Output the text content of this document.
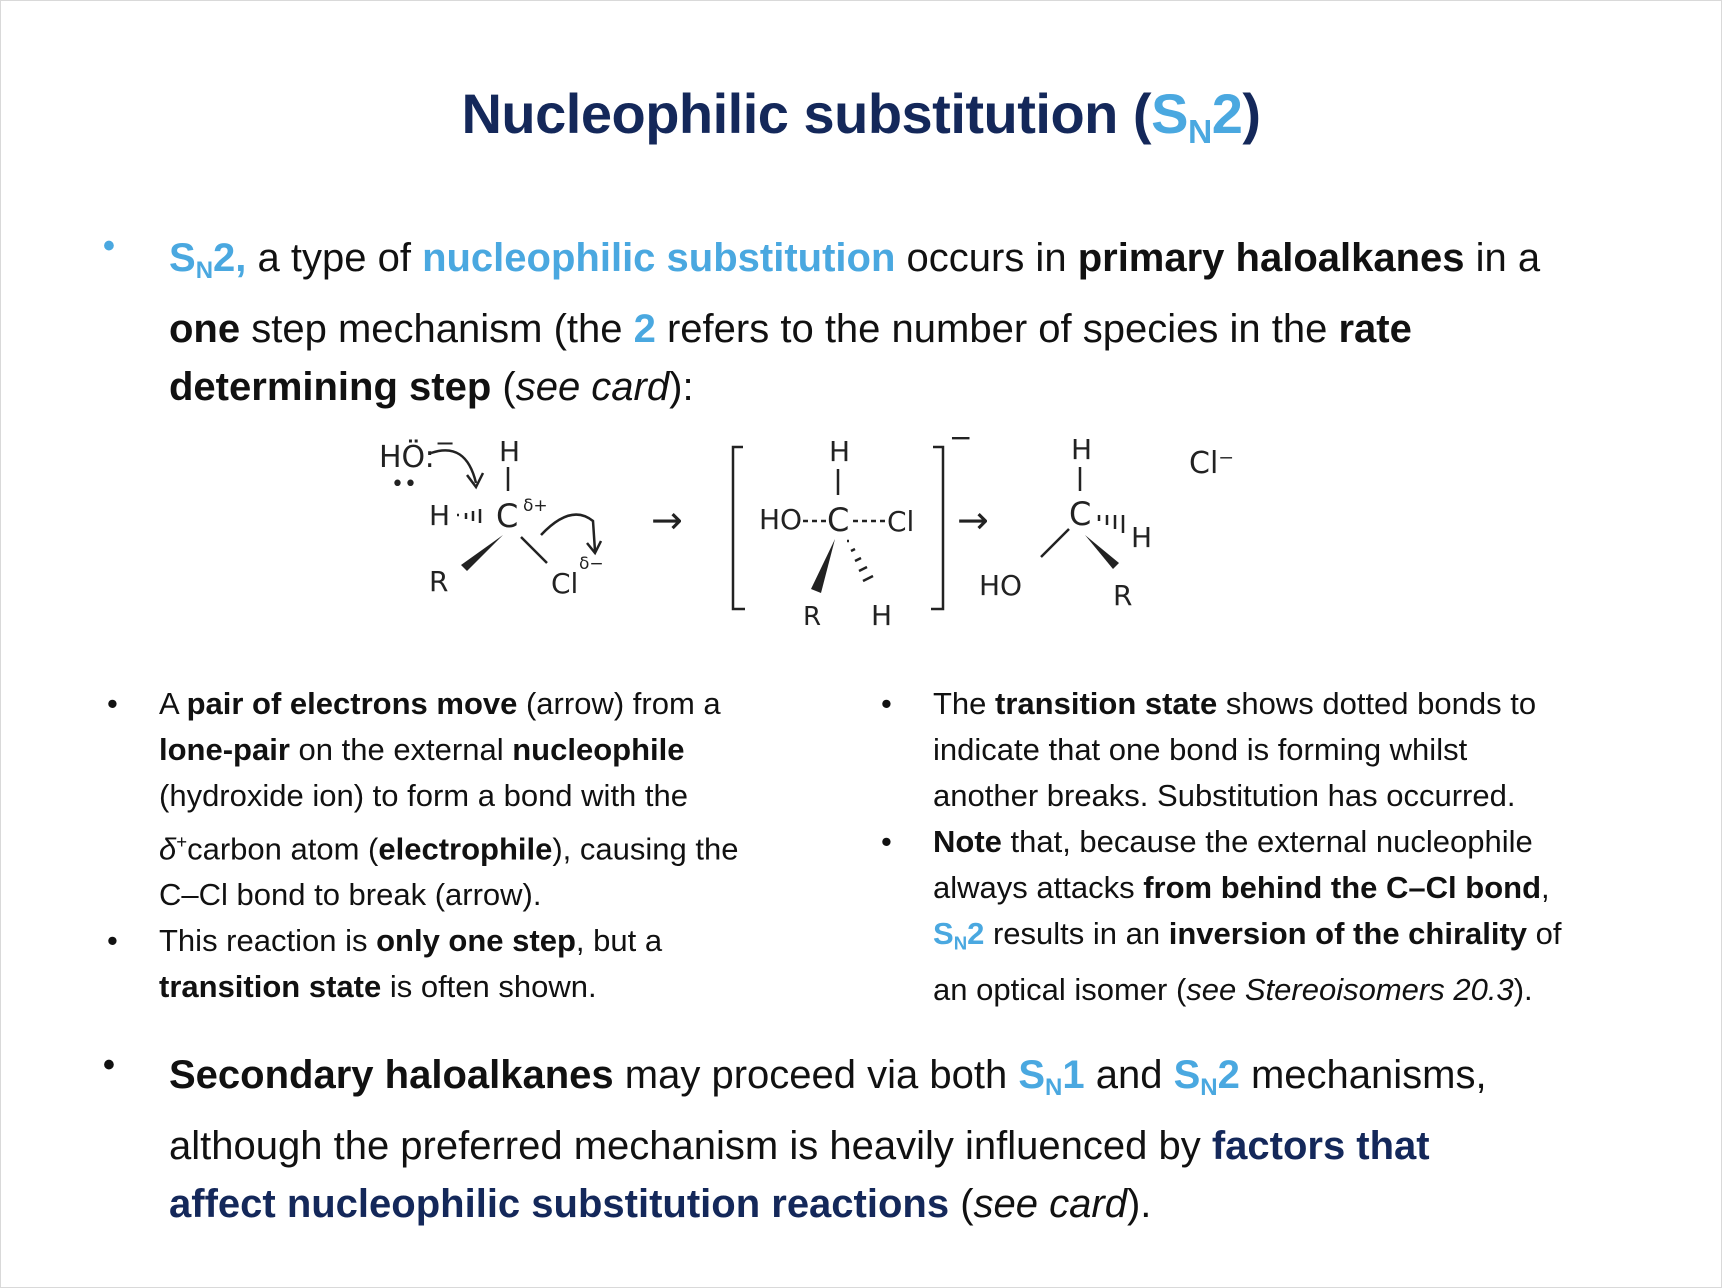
Nucleophilic substitution $(S_N2)$
• $S_N2$, a type of nucleophilic substitution occurs in primary haloalkanes in a
one step mechanism (the 2 refers to the number of species in the rate
determining step (see card):
HÖ: −
••
H
H C δ+
R	Cl
δ−
→
H
HO C Cl
R H
−
→
H
C
H
HO	R
Cl⁻
• A pair of electrons move (arrow) from a
lone-pair on the external nucleophile
(hydroxide ion) to form a bond with the
δ+carbon atom (electrophile), causing the
C–Cl bond to break (arrow).
• This reaction is only one step, but a
transition state is often shown.
• The transition state shows dotted bonds to
indicate that one bond is forming whilst
another breaks. Substitution has occurred.
• Note that, because the external nucleophile
always attacks from behind the C–Cl bond,
$S_N2$ results in an inversion of the chirality of
an optical isomer (see Stereoisomers 20.3).
• Secondary haloalkanes may proceed via both $S_N1$ and $S_N2$ mechanisms,
although the preferred mechanism is heavily influenced by factors that
affect nucleophilic substitution reactions (see card).
